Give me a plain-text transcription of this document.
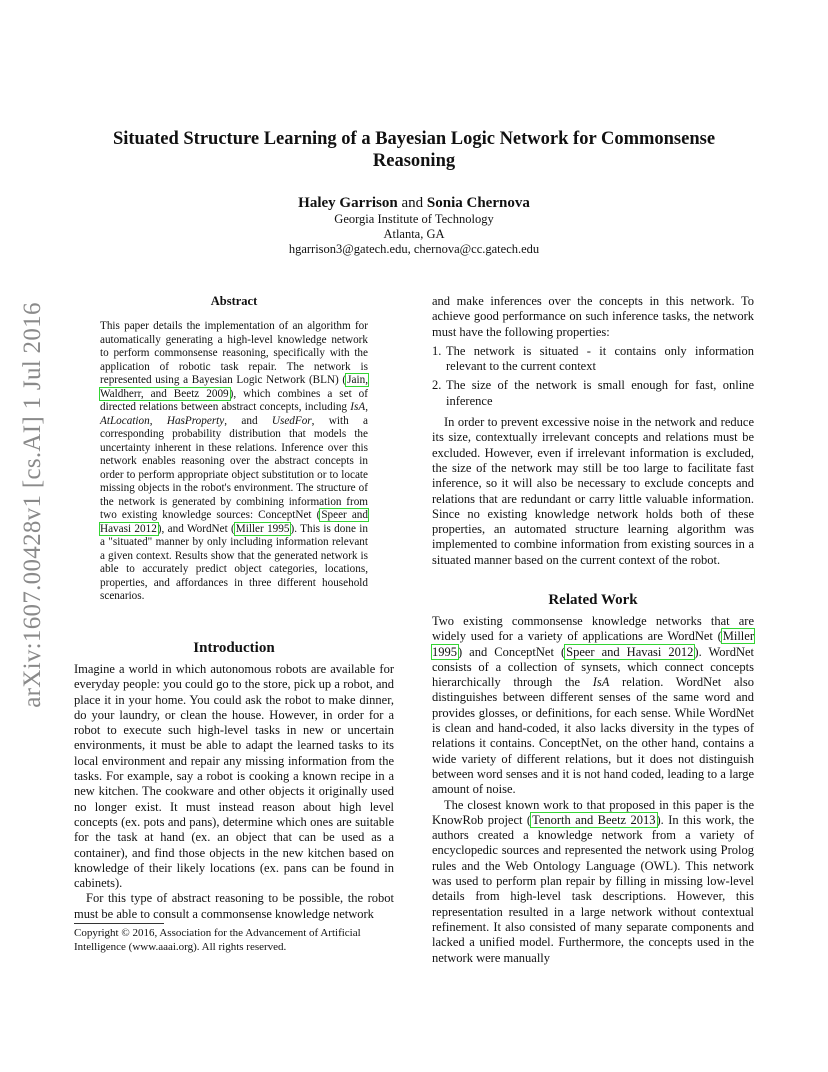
arXiv:1607.00428v1 [cs.AI] 1 Jul 2016
Situated Structure Learning of a Bayesian Logic Network for Commonsense Reasoning
Haley Garrison and Sonia Chernova
Georgia Institute of Technology
Atlanta, GA
hgarrison3@gatech.edu, chernova@cc.gatech.edu
Abstract
This paper details the implementation of an algorithm for automatically generating a high-level knowledge network to perform commonsense reasoning, specifically with the application of robotic task repair. The network is represented using a Bayesian Logic Network (BLN) (Jain, Waldherr, and Beetz 2009), which combines a set of directed relations between abstract concepts, including IsA, AtLocation, HasProperty, and UsedFor, with a corresponding probability distribution that models the uncertainty inherent in these relations. Inference over this network enables reasoning over the abstract concepts in order to perform appropriate object substitution or to locate missing objects in the robot's environment. The structure of the network is generated by combining information from two existing knowledge sources: ConceptNet (Speer and Havasi 2012), and WordNet (Miller 1995). This is done in a "situated" manner by only including information relevant a given context. Results show that the generated network is able to accurately predict object categories, locations, properties, and affordances in three different household scenarios.
Introduction

Imagine a world in which autonomous robots are available for everyday people: you could go to the store, pick up a robot, and place it in your home. You could ask the robot to make dinner, do your laundry, or clean the house. However, in order for a robot to execute such high-level tasks in new or uncertain environments, it must be able to adapt the learned tasks to its local environment and repair any missing information from the tasks. For example, say a robot is cooking a known recipe in a new kitchen. The cookware and other objects it originally used no longer exist. It must instead reason about high level concepts (ex. pots and pans), determine which ones are suitable for the task at hand (ex. an object that can be used as a container), and find those objects in the new kitchen based on knowledge of their likely locations (ex. pans can be found in cabinets).

For this type of abstract reasoning to be possible, the robot must be able to consult a commonsense knowledge network

Copyright © 2016, Association for the Advancement of Artificial Intelligence (www.aaai.org). All rights reserved.

and make inferences over the concepts in this network. To achieve good performance on such inference tasks, the network must have the following properties:

1. The network is situated - it contains only information relevant to the current context
2. The size of the network is small enough for fast, online inference

In order to prevent excessive noise in the network and reduce its size, contextually irrelevant concepts and relations must be excluded. However, even if irrelevant information is excluded, the size of the network may still be too large to facilitate fast inference, so it will also be necessary to exclude concepts and relations that are redundant or carry little valuable information. Since no existing knowledge network holds both of these properties, an automated structure learning algorithm was implemented to combine information from existing sources in a situated manner based on the current context of the robot.

Related Work

Two existing commonsense knowledge networks that are widely used for a variety of applications are WordNet (Miller 1995) and ConceptNet (Speer and Havasi 2012). WordNet consists of a collection of synsets, which connect concepts hierarchically through the IsA relation. WordNet also distinguishes between different senses of the same word and provides glosses, or definitions, for each sense. While WordNet is clean and hand-coded, it also lacks diversity in the types of relations it contains. ConceptNet, on the other hand, contains a wide variety of different relations, but it does not distinguish between word senses and it is not hand coded, leading to a large amount of noise.

The closest known work to that proposed in this paper is the KnowRob project (Tenorth and Beetz 2013). In this work, the authors created a knowledge network from a variety of encyclopedic sources and represented the network using Prolog rules and the Web Ontology Language (OWL). This network was used to perform plan repair by filling in missing low-level details from high-level task descriptions. However, this representation resulted in a large network without contextual refinement. It also consisted of many separate components and lacked a unified model. Furthermore, the concepts used in the network were manually
